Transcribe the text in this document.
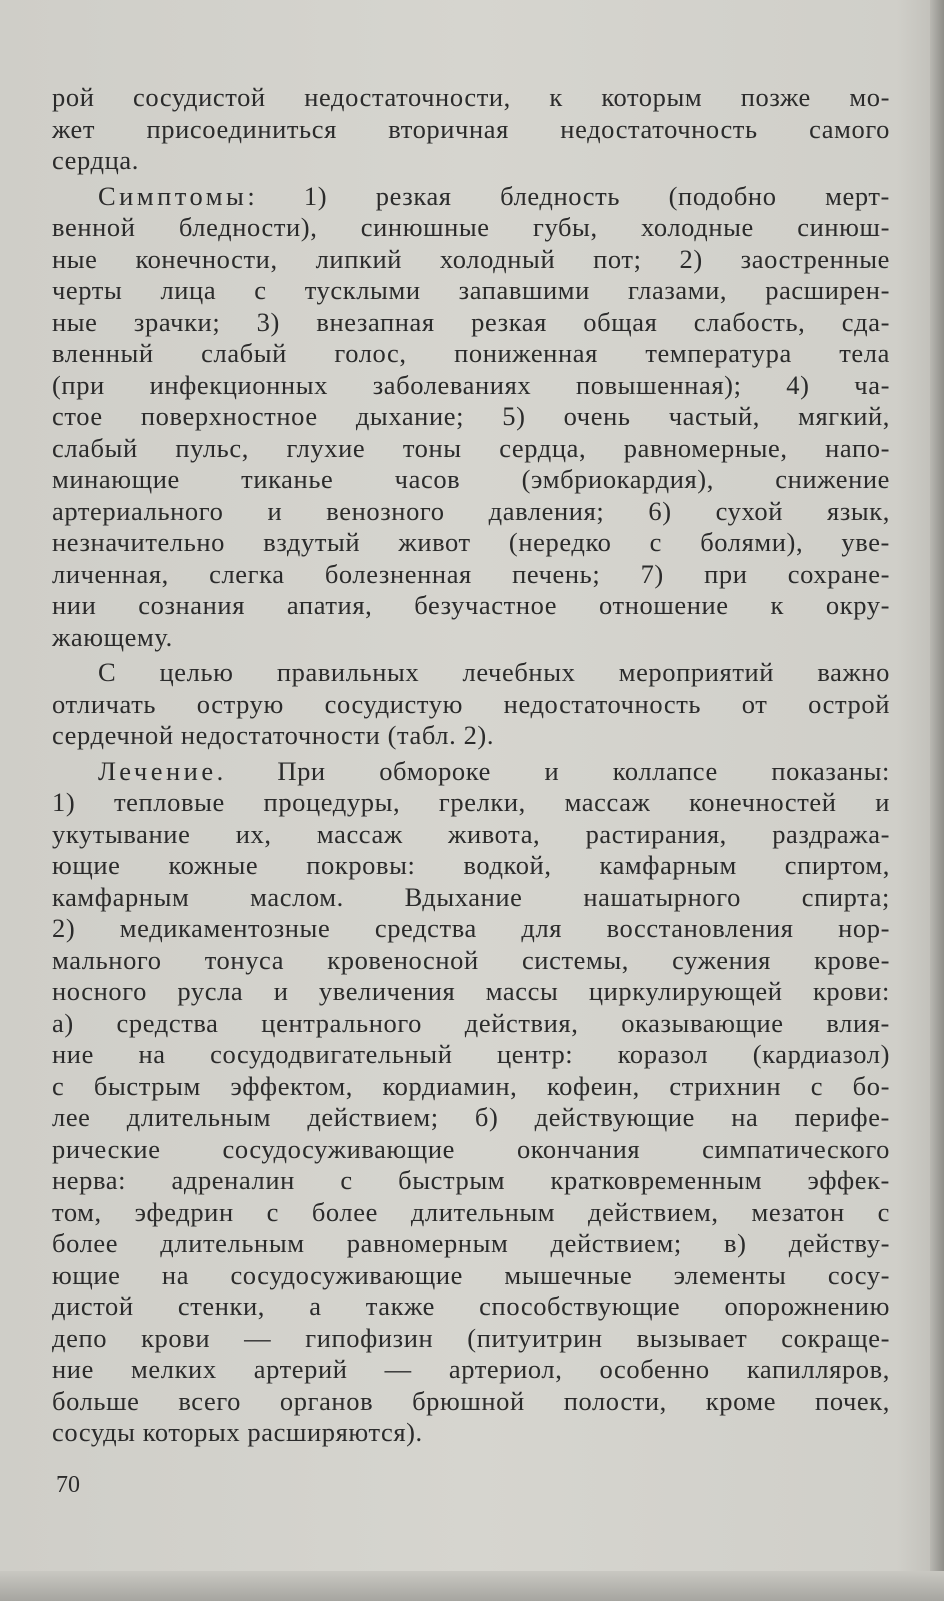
рой сосудистой недостаточности, к которым позже мо-
жет присоединиться вторичная недостаточность самого
сердца.
Симптомы: 1) резкая бледность (подобно мерт-
венной бледности), синюшные губы, холодные синюш-
ные конечности, липкий холодный пот; 2) заостренные
черты лица с тусклыми запавшими глазами, расширен-
ные зрачки; 3) внезапная резкая общая слабость, сда-
вленный слабый голос, пониженная температура тела
(при инфекционных заболеваниях повышенная); 4) ча-
стое поверхностное дыхание; 5) очень частый, мягкий,
слабый пульс, глухие тоны сердца, равномерные, напо-
минающие тиканье часов (эмбриокардия), снижение
артериального и венозного давления; 6) сухой язык,
незначительно вздутый живот (нередко с болями), уве-
личенная, слегка болезненная печень; 7) при сохране-
нии сознания апатия, безучастное отношение к окру-
жающему.
С целью правильных лечебных мероприятий важно
отличать острую сосудистую недостаточность от острой
сердечной недостаточности (табл. 2).
Лечение. При обмороке и коллапсе показаны:
1) тепловые процедуры, грелки, массаж конечностей и
укутывание их, массаж живота, растирания, раздража-
ющие кожные покровы: водкой, камфарным спиртом,
камфарным маслом. Вдыхание нашатырного спирта;
2) медикаментозные средства для восстановления нор-
мального тонуса кровеносной системы, сужения крове-
носного русла и увеличения массы циркулирующей крови:
а) средства центрального действия, оказывающие влия-
ние на сосудодвигательный центр: коразол (кардиазол)
с быстрым эффектом, кордиамин, кофеин, стрихнин с бо-
лее длительным действием; б) действующие на перифе-
рические сосудосуживающие окончания симпатического
нерва: адреналин с быстрым кратковременным эффек-
том, эфедрин с более длительным действием, мезатон с
более длительным равномерным действием; в) действу-
ющие на сосудосуживающие мышечные элементы сосу-
дистой стенки, а также способствующие опорожнению
депо крови — гипофизин (питуитрин вызывает сокраще-
ние мелких артерий — артериол, особенно капилляров,
больше всего органов брюшной полости, кроме почек,
сосуды которых расширяются).
70
